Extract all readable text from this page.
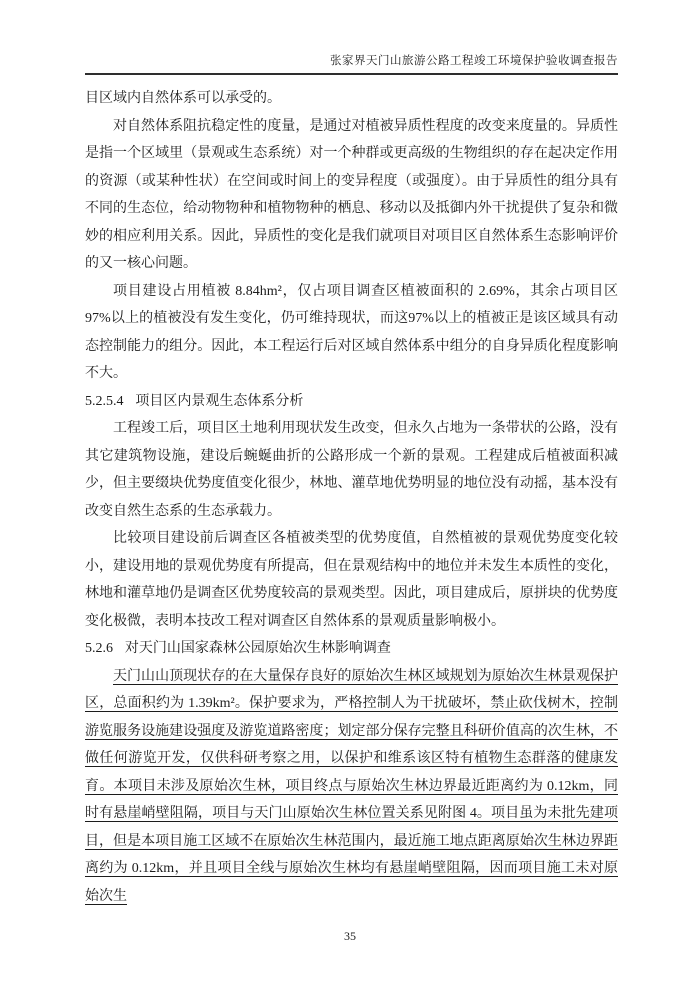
张家界天门山旅游公路工程竣工环境保护验收调查报告

目区域内自然体系可以承受的。

对自然体系阻抗稳定性的度量，是通过对植被异质性程度的改变来度量的。异质性是指一个区域里（景观或生态系统）对一个种群或更高级的生物组织的存在起决定作用的资源（或某种性状）在空间或时间上的变异程度（或强度）。由于异质性的组分具有不同的生态位，给动物物种和植物物种的栖息、移动以及抵御内外干扰提供了复杂和微妙的相应利用关系。因此，异质性的变化是我们就项目对项目区自然体系生态影响评价的又一核心问题。

项目建设占用植被 8.84hm²，仅占项目调查区植被面积的 2.69%，其余占项目区97%以上的植被没有发生变化，仍可维持现状，而这97%以上的植被正是该区域具有动态控制能力的组分。因此，本工程运行后对区域自然体系中组分的自身异质化程度影响不大。

5.2.5.4 项目区内景观生态体系分析

工程竣工后，项目区土地利用现状发生改变，但永久占地为一条带状的公路，没有其它建筑物设施，建设后蜿蜒曲折的公路形成一个新的景观。工程建成后植被面积减少，但主要缀块优势度值变化很少，林地、灌草地优势明显的地位没有动摇，基本没有改变自然生态系的生态承载力。

比较项目建设前后调查区各植被类型的优势度值，自然植被的景观优势度变化较小，建设用地的景观优势度有所提高，但在景观结构中的地位并未发生本质性的变化，林地和灌草地仍是调查区优势度较高的景观类型。因此，项目建成后，原拼块的优势度变化极微，表明本技改工程对调查区自然体系的景观质量影响极小。

5.2.6 对天门山国家森林公园原始次生林影响调查

天门山山顶现状存的在大量保存良好的原始次生林区域规划为原始次生林景观保护区，总面积约为 1.39km²。保护要求为，严格控制人为干扰破坏，禁止砍伐树木，控制游览服务设施建设强度及游览道路密度；划定部分保存完整且科研价值高的次生林，不做任何游览开发，仅供科研考察之用，以保护和维系该区特有植物生态群落的健康发育。本项目未涉及原始次生林，项目终点与原始次生林边界最近距离约为 0.12km，同时有悬崖峭壁阻隔，项目与天门山原始次生林位置关系见附图 4。项目虽为未批先建项目，但是本项目施工区域不在原始次生林范围内，最近施工地点距离原始次生林边界距离约为 0.12km，并且项目全线与原始次生林均有悬崖峭壁阻隔，因而项目施工未对原始次生

35
